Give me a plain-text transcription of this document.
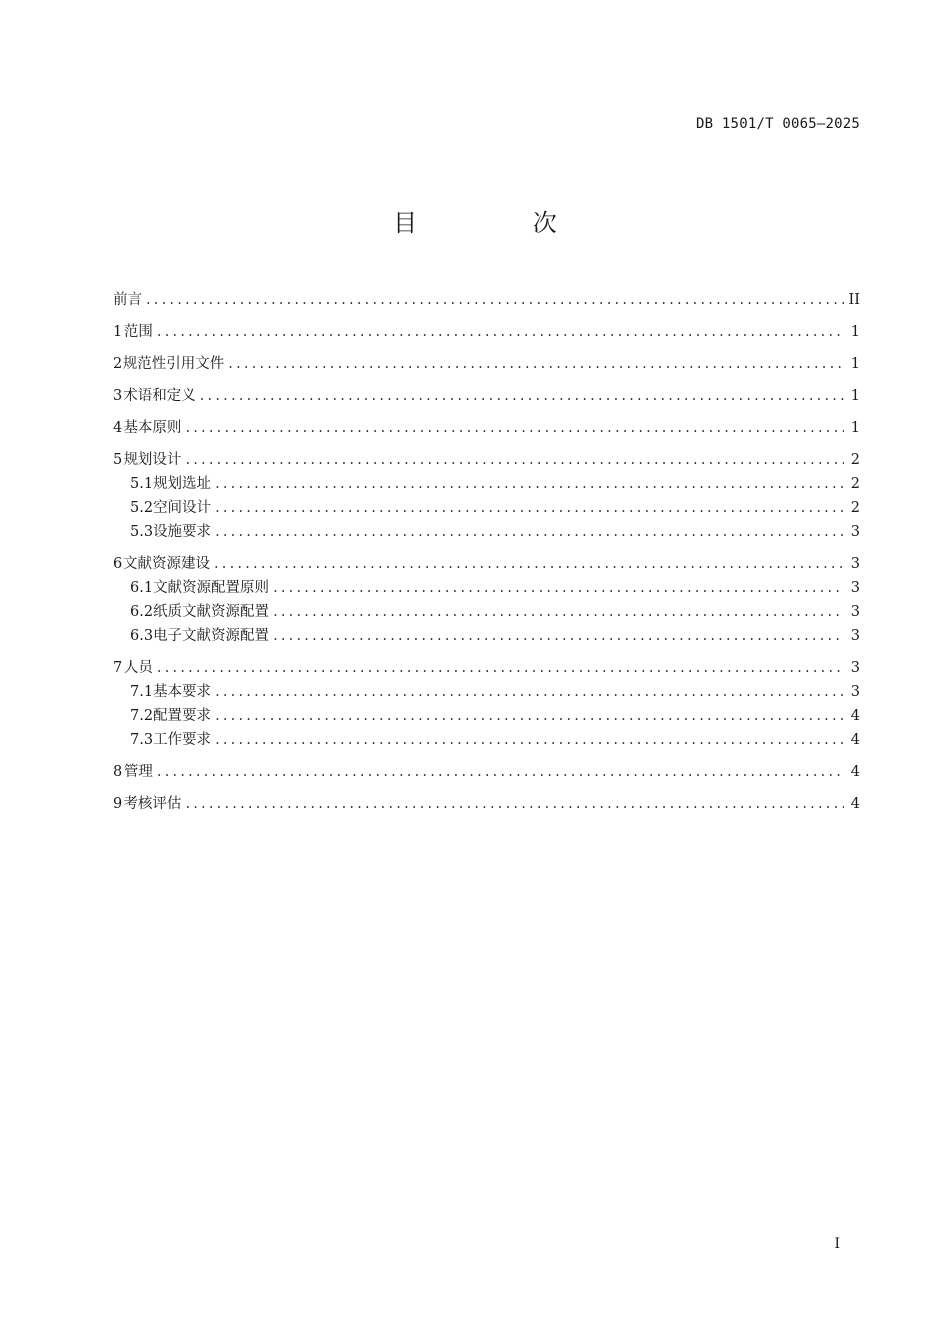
DB 1501/T 0065—2025
目 次
前言 .....	II
1 范围 .....	1
2 规范性引用文件 .....	1
3 术语和定义 .....	1
4 基本原则 .....	1
5 规划设计 .....	2
5.1 规划选址 .....	2
5.2 空间设计 .....	2
5.3 设施要求 .....	3
6 文献资源建设 .....	3
6.1 文献资源配置原则 .....	3
6.2 纸质文献资源配置 .....	3
6.3 电子文献资源配置 .....	3
7 人员 .....	3
7.1 基本要求 .....	3
7.2 配置要求 .....	4
7.3 工作要求 .....	4
8 管理 .....	4
9 考核评估 .....	4
I
